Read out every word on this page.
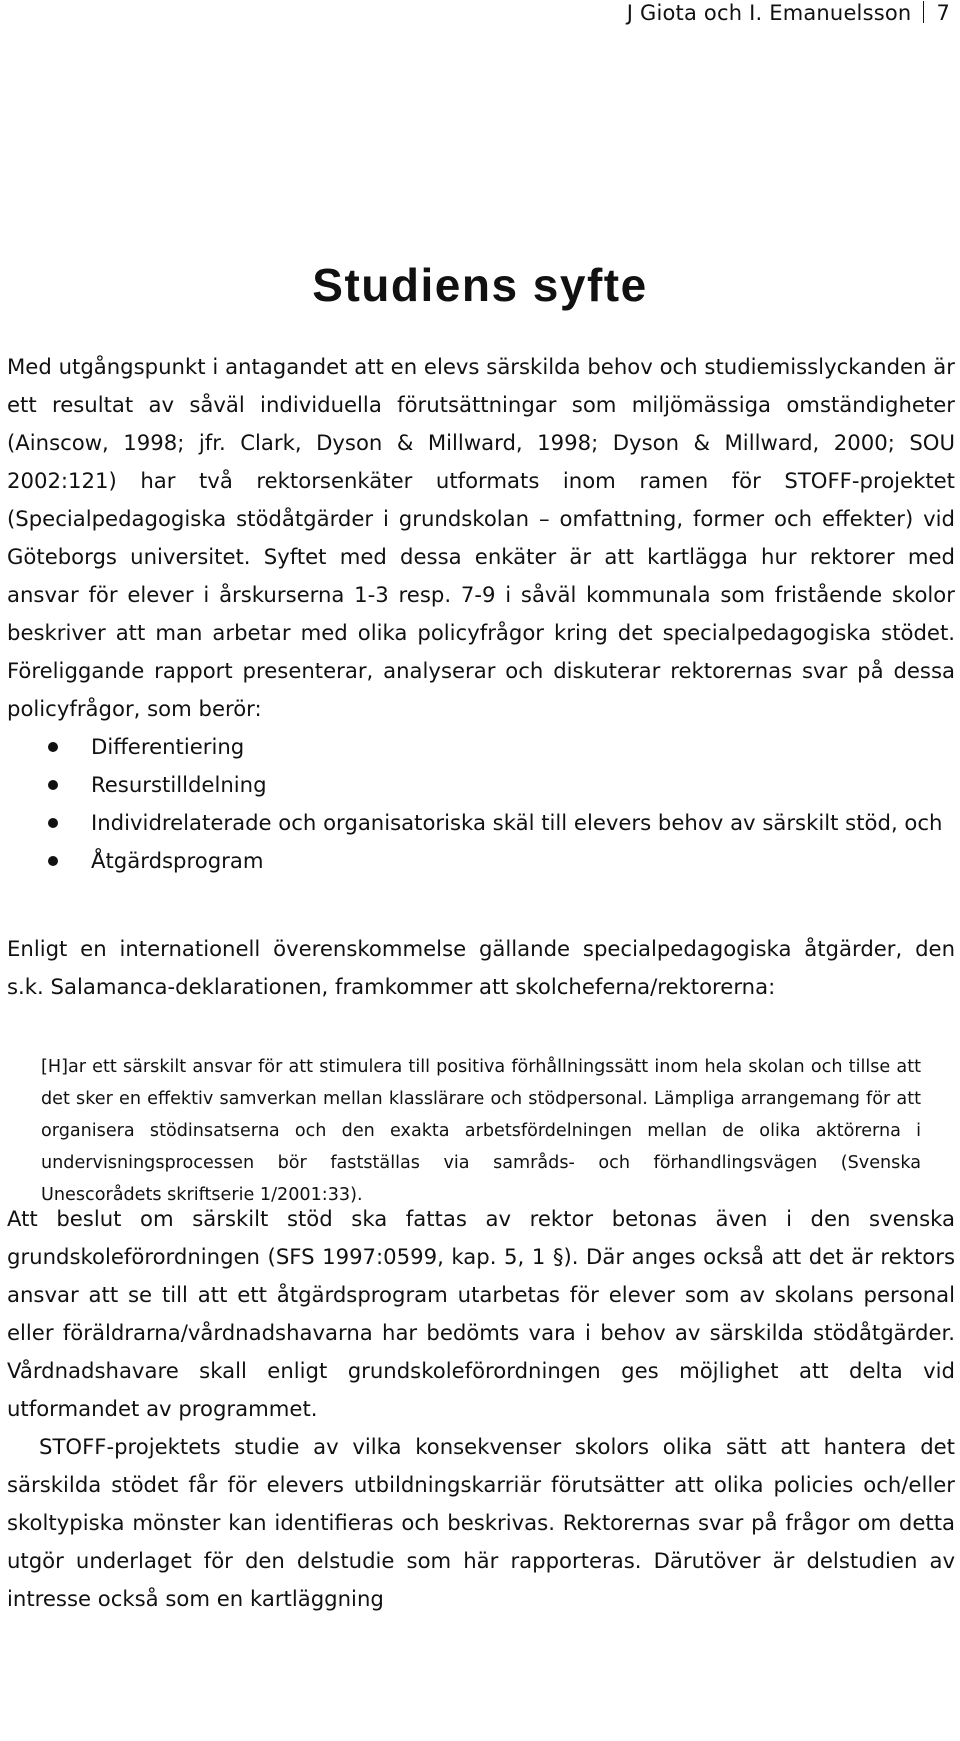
J Giota och I. Emanuelsson 7
Studiens syfte

Med utgångspunkt i antagandet att en elevs särskilda behov och studiemisslyckanden är ett resultat av såväl individuella förutsättningar som miljömässiga omständigheter (Ainscow, 1998; jfr. Clark, Dyson & Millward, 1998; Dyson & Millward, 2000; SOU 2002:121) har två rektorsenkäter utformats inom ramen för STOFF-projektet (Specialpedagogiska stödåtgärder i grundskolan – omfattning, former och effekter) vid Göteborgs universitet. Syftet med dessa enkäter är att kartlägga hur rektorer med ansvar för elever i årskurserna 1-3 resp. 7-9 i såväl kommunala som fristående skolor beskriver att man arbetar med olika policyfrågor kring det specialpedagogiska stödet. Föreliggande rapport presenterar, analyserar och diskuterar rektorernas svar på dessa policyfrågor, som berör:

Differentiering
Resurstilldelning
Individrelaterade och organisatoriska skäl till elevers behov av särskilt stöd, och
Åtgärdsprogram

Enligt en internationell överenskommelse gällande specialpedagogiska åtgärder, den s.k. Salamanca-deklarationen, framkommer att skolcheferna/rektorerna:

[H]ar ett särskilt ansvar för att stimulera till positiva förhållningssätt inom hela skolan och tillse att det sker en effektiv samverkan mellan klasslärare och stödpersonal. Lämpliga arrangemang för att organisera stödinsatserna och den exakta arbetsfördelningen mellan de olika aktörerna i undervisningsprocessen bör fastställas via samråds- och förhandlingsvägen (Svenska Unescorådets skriftserie 1/2001:33).

Att beslut om särskilt stöd ska fattas av rektor betonas även i den svenska grundskoleförordningen (SFS 1997:0599, kap. 5, 1 §). Där anges också att det är rektors ansvar att se till att ett åtgärdsprogram utarbetas för elever som av skolans personal eller föräldrarna/vårdnadshavarna har bedömts vara i behov av särskilda stödåtgärder. Vårdnadshavare skall enligt grundskoleförordningen ges möjlighet att delta vid utformandet av programmet.

STOFF-projektets studie av vilka konsekvenser skolors olika sätt att hantera det särskilda stödet får för elevers utbildningskarriär förutsätter att olika policies och/eller skoltypiska mönster kan identifieras och beskrivas. Rektorernas svar på frågor om detta utgör underlaget för den delstudie som här rapporteras. Därutöver är delstudien av intresse också som en kartläggning
